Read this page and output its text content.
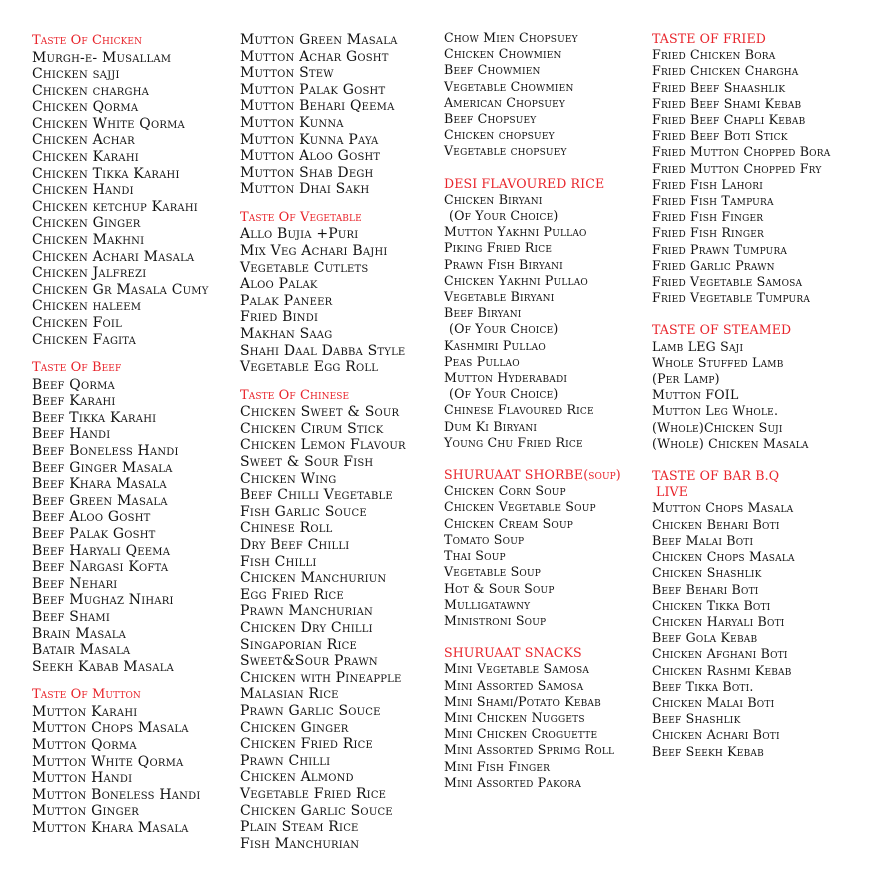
Taste Of Chicken
Murgh-e- Musallam
Chicken sajji
Chicken chargha
Chicken Qorma
Chicken White Qorma
Chicken Achar
Chicken Karahi
Chicken Tikka Karahi
Chicken Handi
Chicken ketchup Karahi
Chicken Ginger
Chicken Makhni
Chicken Achari Masala
Chicken Jalfrezi
Chicken Gr Masala Cumy
Chicken haleem
Chicken Foil
Chicken Fagita
Taste Of Beef
Beef Qorma
Beef Karahi
Beef Tikka Karahi
Beef Handi
Beef Boneless Handi
Beef Ginger Masala
Beef Khara Masala
Beef Green Masala
Beef Aloo Gosht
Beef Palak Gosht
Beef Haryali Qeema
Beef Nargasi Kofta
Beef Nehari
Beef Mughaz Nihari
Beef Shami
Brain Masala
Batair Masala
Seekh Kabab Masala
Taste Of Mutton
Mutton Karahi
Mutton Chops Masala
Mutton Qorma
Mutton White Qorma
Mutton Handi
Mutton Boneless Handi
Mutton Ginger
Mutton Khara Masala
Mutton Green Masala
Mutton Achar Gosht
Mutton Stew
Mutton Palak Gosht
Mutton Behari Qeema
Mutton Kunna
Mutton Kunna Paya
Mutton Aloo Gosht
Mutton Shab Degh
Mutton Dhai Sakh
Taste Of Vegetable
Allo Bujia +Puri
Mix Veg Achari Bajhi
Vegetable Cutlets
Aloo Palak
Palak Paneer
Fried Bindi
Makhan Saag
Shahi Daal Dabba Style
Vegetable Egg Roll
Taste Of Chinese
Chicken Sweet & Sour
Chicken Cirum Stick
Chicken Lemon Flavour
Sweet & Sour Fish
Chicken Wing
Beef Chilli Vegetable
Fish Garlic Souce
Chinese Roll
Dry Beef Chilli
Fish Chilli
Chicken Manchuriun
Egg Fried Rice
Prawn Manchurian
Chicken Dry Chilli
Singaporian Rice
Sweet&Sour Prawn
Chicken with Pineapple
Malasian Rice
Prawn Garlic Souce
Chicken Ginger
Chicken Fried Rice
Prawn Chilli
Chicken Almond
Vegetable Fried Rice
Chicken Garlic Souce
Plain Steam Rice
Fish Manchurian
Chow Mien Chopsuey
Chicken Chowmien
Beef Chowmien
Vegetable Chowmien
American Chopsuey
Beef Chopsuey
Chicken chopsuey
Vegetable chopsuey
DESI FLAVOURED RICE
Chicken Biryani
(Of Your Choice)
Mutton Yakhni Pullao
Piking Fried Rice
Prawn Fish Biryani
Chicken Yakhni Pullao
Vegetable Biryani
Beef Biryani
(Of Your Choice)
Kashmiri Pullao
Peas Pullao
Mutton Hyderabadi
(Of Your Choice)
Chinese Flavoured Rice
Dum Ki Biryani
Young Chu Fried Rice
SHURUAAT SHORBE(soup)
Chicken Corn Soup
Chicken Vegetable Soup
Chicken Cream Soup
Tomato Soup
Thai Soup
Vegetable Soup
Hot & Sour Soup
Mulligatawny
Ministroni Soup
SHURUAAT SNACKS
Mini Vegetable Samosa
Mini Assorted Samosa
Mini Shami/Potato Kebab
Mini Chicken Nuggets
Mini Chicken Croguette
Mini Assorted Sprimg Roll
Mini Fish Finger
Mini Assorted Pakora
TASTE OF FRIED
Fried Chicken Bora
Fried Chicken Chargha
Fried Beef Shaashlik
Fried Beef Shami Kebab
Fried Beef Chapli Kebab
Fried Beef Boti Stick
Fried Mutton Chopped Bora
Fried Mutton Chopped Fry
Fried Fish Lahori
Fried Fish Tampura
Fried Fish Finger
Fried Fish Ringer
Fried Prawn Tumpura
Fried Garlic Prawn
Fried Vegetable Samosa
Fried Vegetable Tumpura
TASTE OF STEAMED
Lamb LEG Saji
Whole Stuffed Lamb
(Per Lamp)
Mutton FOIL
Mutton Leg Whole.
(Whole)Chicken Suji
(Whole) Chicken Masala
TASTE OF BAR B.Q
LIVE
Mutton Chops Masala
Chicken Behari Boti
Beef Malai Boti
Chicken Chops Masala
Chicken Shashlik
Beef Behari Boti
Chicken Tikka Boti
Chicken Haryali Boti
Beef Gola Kebab
Chicken Afghani Boti
Chicken Rashmi Kebab
Beef Tikka Boti.
Chicken Malai Boti
Beef Shashlik
Chicken Achari Boti
Beef Seekh Kebab
